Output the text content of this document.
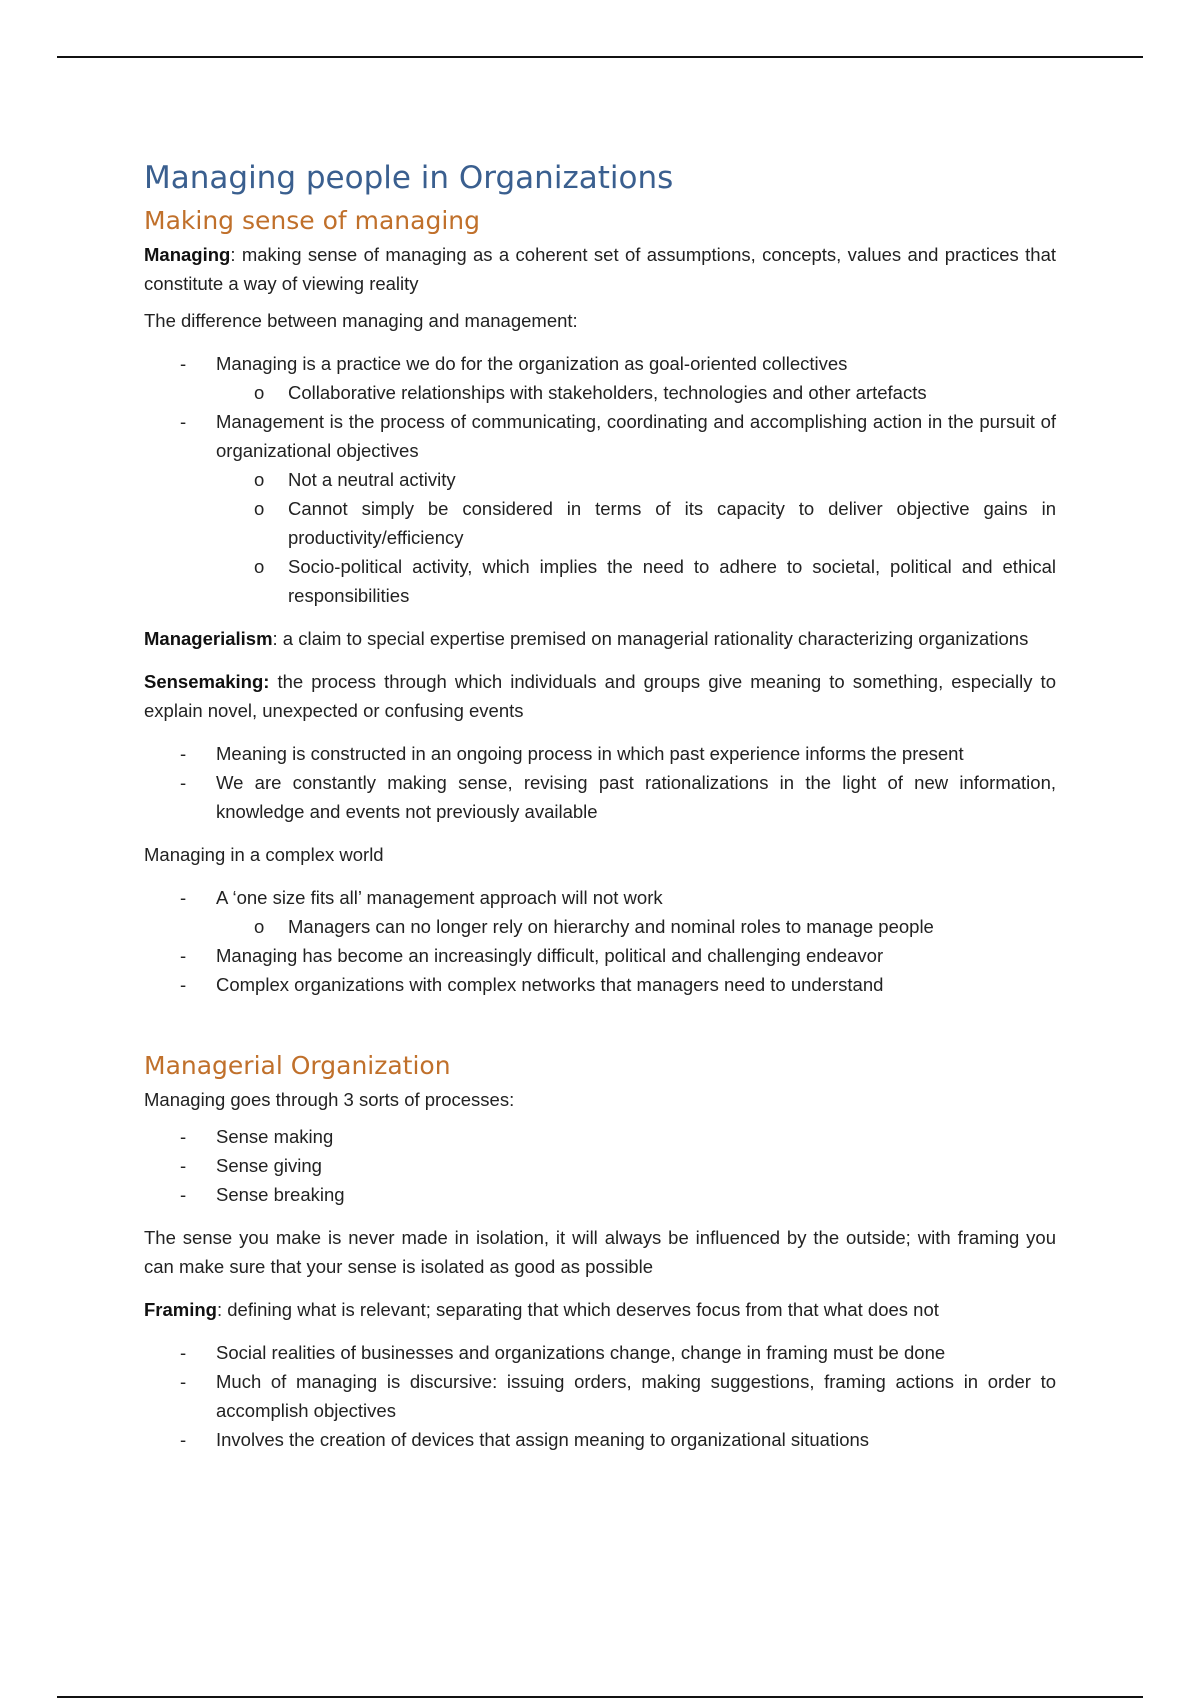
Managing people in Organizations
Making sense of managing

Managing: making sense of managing as a coherent set of assumptions, concepts, values and practices that constitute a way of viewing reality

The difference between managing and management:

- Managing is a practice we do for the organization as goal-oriented collectives
o Collaborative relationships with stakeholders, technologies and other artefacts
- Management is the process of communicating, coordinating and accomplishing action in the pursuit of organizational objectives
o Not a neutral activity
o Cannot simply be considered in terms of its capacity to deliver objective gains in productivity/efficiency
o Socio-political activity, which implies the need to adhere to societal, political and ethical responsibilities

Managerialism: a claim to special expertise premised on managerial rationality characterizing organizations

Sensemaking: the process through which individuals and groups give meaning to something, especially to explain novel, unexpected or confusing events

- Meaning is constructed in an ongoing process in which past experience informs the present
- We are constantly making sense, revising past rationalizations in the light of new information, knowledge and events not previously available

Managing in a complex world

- A ‘one size fits all’ management approach will not work
o Managers can no longer rely on hierarchy and nominal roles to manage people
- Managing has become an increasingly difficult, political and challenging endeavor
- Complex organizations with complex networks that managers need to understand
Managerial Organization

Managing goes through 3 sorts of processes:

- Sense making
- Sense giving
- Sense breaking

The sense you make is never made in isolation, it will always be influenced by the outside; with framing you can make sure that your sense is isolated as good as possible

Framing: defining what is relevant; separating that which deserves focus from that what does not

- Social realities of businesses and organizations change, change in framing must be done
- Much of managing is discursive: issuing orders, making suggestions, framing actions in order to accomplish objectives
- Involves the creation of devices that assign meaning to organizational situations
